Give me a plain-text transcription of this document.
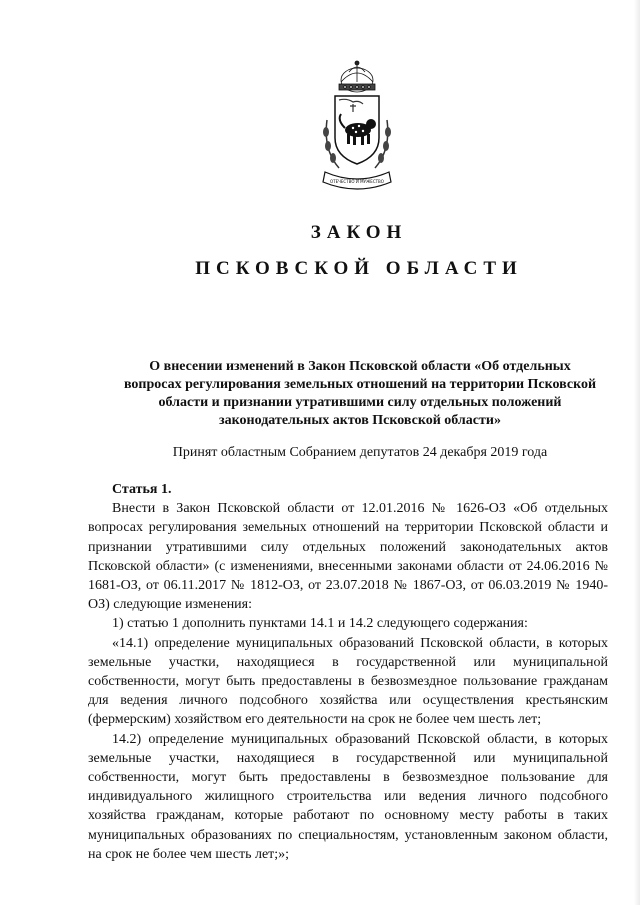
ОТЕЧЕСТВО И МУЖЕСТВО
ЗАКОН
ПСКОВСКОЙ ОБЛАСТИ
О внесении изменений в Закон Псковской области «Об отдельных
вопросах регулирования земельных отношений на территории Псковской
области и признании утратившими силу отдельных положений
законодательных актов Псковской области»
Принят областным Собранием депутатов 24 декабря 2019 года
Статья 1.

Внести в Закон Псковской области от 12.01.2016 № 1626-ОЗ «Об отдельных вопросах регулирования земельных отношений на территории Псковской области и признании утратившими силу отдельных положений законодательных актов Псковской области» (с изменениями, внесенными законами области от 24.06.2016 № 1681-ОЗ, от 06.11.2017 № 1812-ОЗ, от 23.07.2018 № 1867-ОЗ, от 06.03.2019 № 1940-ОЗ) следующие изменения:

1) статью 1 дополнить пунктами 14.1 и 14.2 следующего содержания:

«14.1) определение муниципальных образований Псковской области, в которых земельные участки, находящиеся в государственной или муниципальной собственности, могут быть предоставлены в безвозмездное пользование гражданам для ведения личного подсобного хозяйства или осуществления крестьянским (фермерским) хозяйством его деятельности на срок не более чем шесть лет;

14.2) определение муниципальных образований Псковской области, в которых земельные участки, находящиеся в государственной или муниципальной собственности, могут быть предоставлены в безвозмездное пользование для индивидуального жилищного строительства или ведения личного подсобного хозяйства гражданам, которые работают по основному месту работы в таких муниципальных образованиях по специальностям, установленным законом области, на срок не более чем шесть лет;»;
